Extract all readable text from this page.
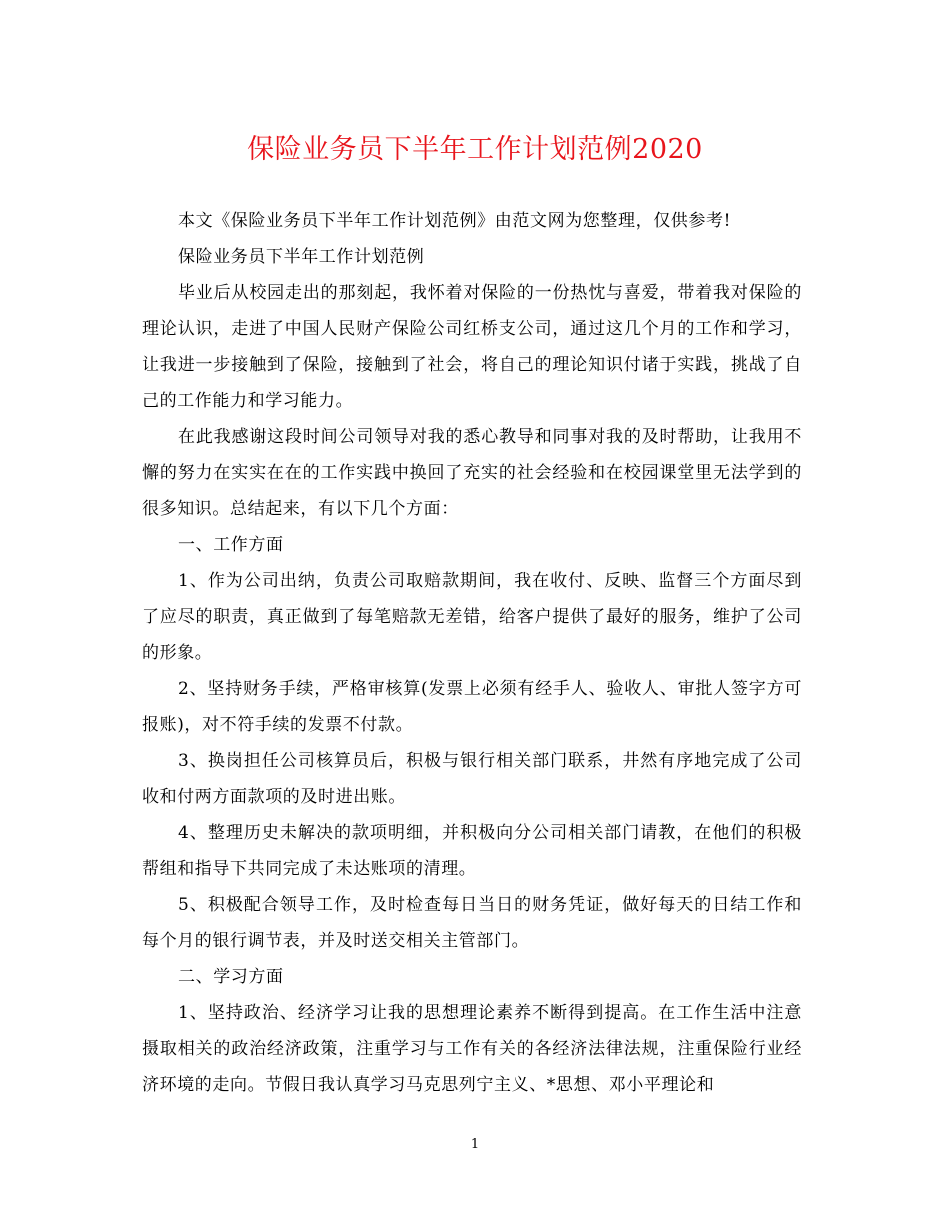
保险业务员下半年工作计划范例2020

本文《保险业务员下半年工作计划范例》由范文网为您整理，仅供参考!

保险业务员下半年工作计划范例

毕业后从校园走出的那刻起，我怀着对保险的一份热忱与喜爱，带着我对保险的理论认识，走进了中国人民财产保险公司红桥支公司，通过这几个月的工作和学习，让我进一步接触到了保险，接触到了社会，将自己的理论知识付诸于实践，挑战了自己的工作能力和学习能力。

在此我感谢这段时间公司领导对我的悉心教导和同事对我的及时帮助，让我用不懈的努力在实实在在的工作实践中换回了充实的社会经验和在校园课堂里无法学到的很多知识。总结起来，有以下几个方面：

一、工作方面

1、作为公司出纳，负责公司取赔款期间，我在收付、反映、监督三个方面尽到了应尽的职责，真正做到了每笔赔款无差错，给客户提供了最好的服务，维护了公司的形象。

2、坚持财务手续，严格审核算(发票上必须有经手人、验收人、审批人签字方可报账)，对不符手续的发票不付款。

3、换岗担任公司核算员后，积极与银行相关部门联系，井然有序地完成了公司收和付两方面款项的及时进出账。

4、整理历史未解决的款项明细，并积极向分公司相关部门请教，在他们的积极帮组和指导下共同完成了未达账项的清理。

5、积极配合领导工作，及时检查每日当日的财务凭证，做好每天的日结工作和每个月的银行调节表，并及时送交相关主管部门。

二、学习方面

1、坚持政治、经济学习让我的思想理论素养不断得到提高。在工作生活中注意摄取相关的政治经济政策，注重学习与工作有关的各经济法律法规，注重保险行业经济环境的走向。节假日我认真学习马克思列宁主义、*思想、邓小平理论和

1
